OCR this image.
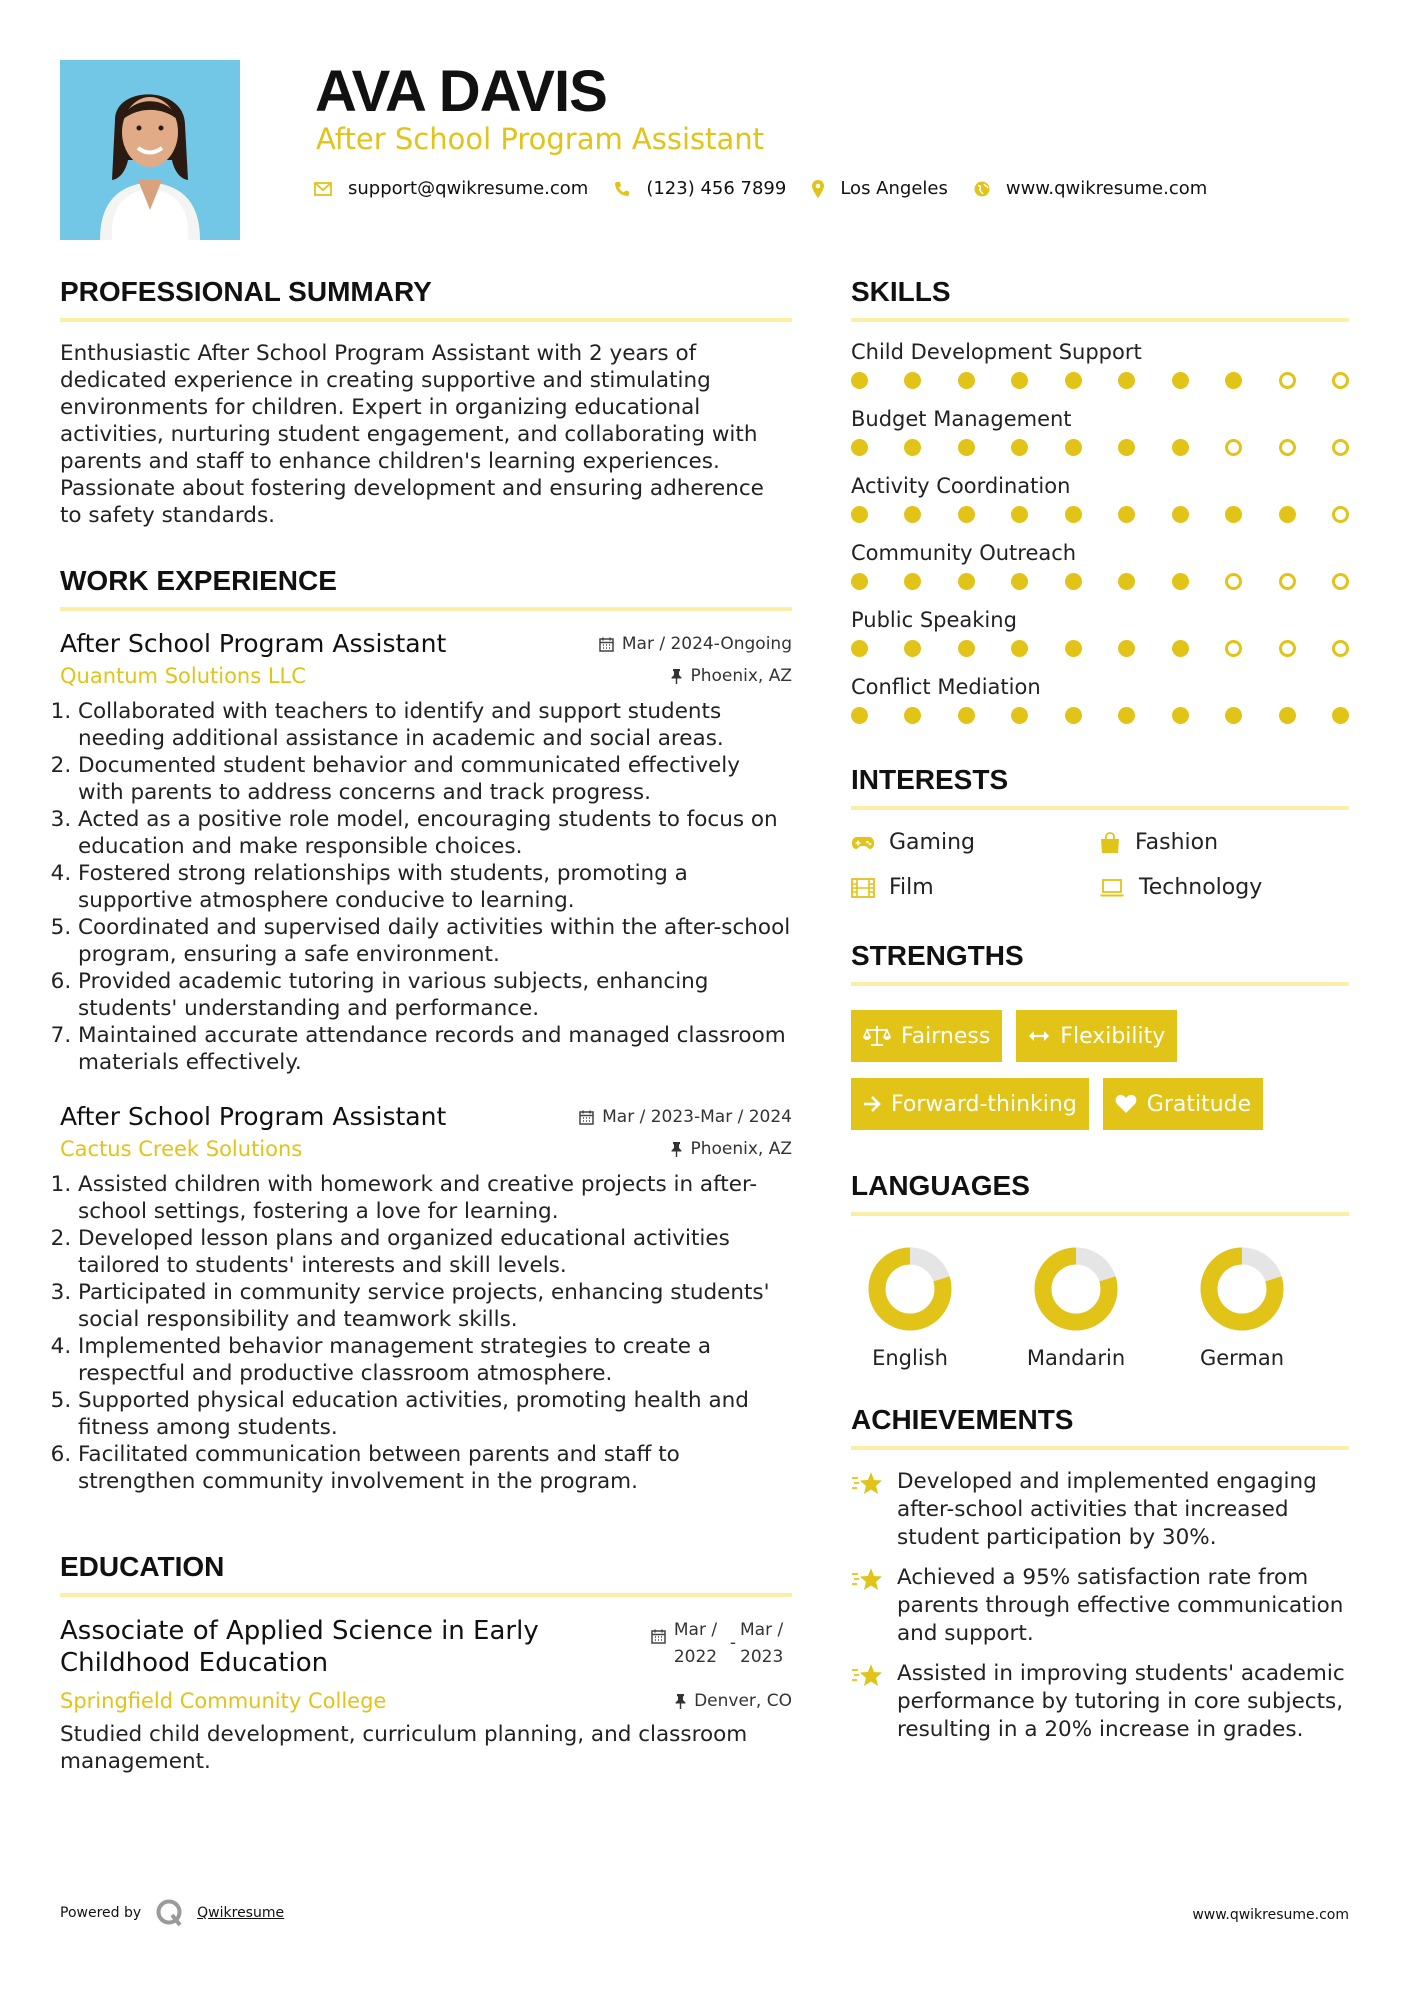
AVA DAVIS
After School Program Assistant
support@qwikresume.com	(123) 456 7899	Los Angeles	www.qwikresume.com
PROFESSIONAL SUMMARY
Enthusiastic After School Program Assistant with 2 years of dedicated experience in creating supportive and stimulating environments for children. Expert in organizing educational activities, nurturing student engagement, and collaborating with parents and staff to enhance children's learning experiences. Passionate about fostering development and ensuring adherence to safety standards.
WORK EXPERIENCE
After School Program Assistant	Mar / 2024-Ongoing
Quantum Solutions LLC	Phoenix, AZ
1. Collaborated with teachers to identify and support students needing additional assistance in academic and social areas.
2. Documented student behavior and communicated effectively with parents to address concerns and track progress.
3. Acted as a positive role model, encouraging students to focus on education and make responsible choices.
4. Fostered strong relationships with students, promoting a supportive atmosphere conducive to learning.
5. Coordinated and supervised daily activities within the after-school program, ensuring a safe environment.
6. Provided academic tutoring in various subjects, enhancing students' understanding and performance.
7. Maintained accurate attendance records and managed classroom materials effectively.
After School Program Assistant	Mar / 2023-Mar / 2024
Cactus Creek Solutions	Phoenix, AZ
1. Assisted children with homework and creative projects in after-school settings, fostering a love for learning.
2. Developed lesson plans and organized educational activities tailored to students' interests and skill levels.
3. Participated in community service projects, enhancing students' social responsibility and teamwork skills.
4. Implemented behavior management strategies to create a respectful and productive classroom atmosphere.
5. Supported physical education activities, promoting health and fitness among students.
6. Facilitated communication between parents and staff to strengthen community involvement in the program.
EDUCATION
Associate of Applied Science in Early Childhood Education
Mar /
2022
-
Mar /
2023
Springfield Community College	Denver, CO
Studied child development, curriculum planning, and classroom management.
SKILLS
Child Development Support
Budget Management
Activity Coordination
Community Outreach
Public Speaking
Conflict Mediation
INTERESTS
Gaming	Fashion
Film	Technology
STRENGTHS
Fairness	Flexibility
Forward-thinking	Gratitude
LANGUAGES
English	Mandarin	German
ACHIEVEMENTS
Developed and implemented engaging after-school activities that increased student participation by 30%.
Achieved a 95% satisfaction rate from parents through effective communication and support.
Assisted in improving students' academic performance by tutoring in core subjects, resulting in a 20% increase in grades.
Powered by	Qwikresume	www.qwikresume.com
